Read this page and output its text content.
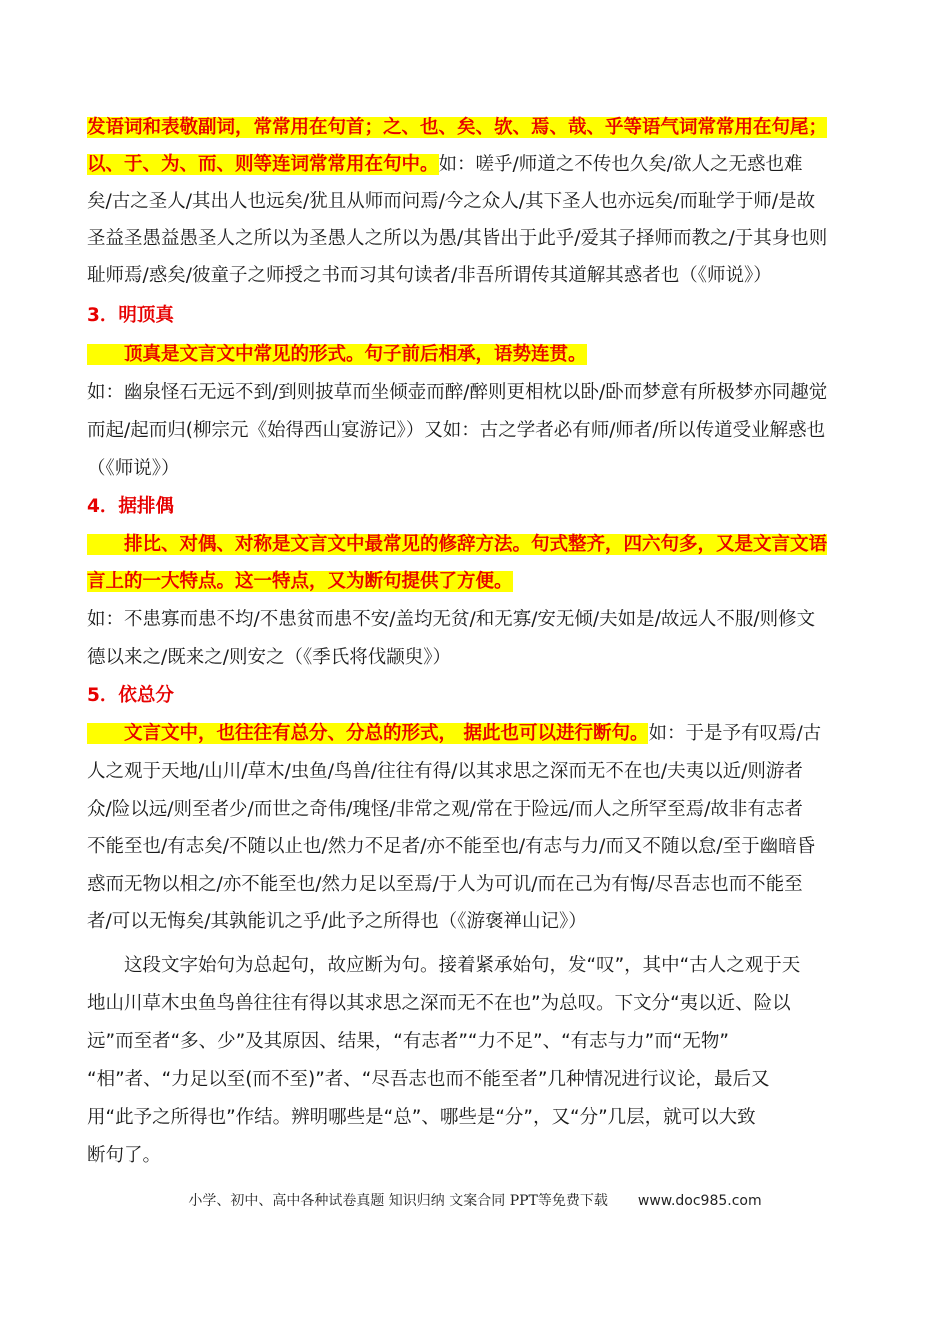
发语词和表敬副词，常常用在句首；之、也、矣、欤、焉、哉、乎等语气词常常用在句尾；
以、于、为、而、则等连词常常用在句中。如：嗟乎/师道之不传也久矣/欲人之无惑也难
矣/古之圣人/其出人也远矣/犹且从师而问焉/今之众人/其下圣人也亦远矣/而耻学于师/是故
圣益圣愚益愚圣人之所以为圣愚人之所以为愚/其皆出于此乎/爱其子择师而教之/于其身也则
耻师焉/惑矣/彼童子之师授之书而习其句读者/非吾所谓传其道解其惑者也（《师说》）
3．明顶真
顶真是文言文中常见的形式。句子前后相承，语势连贯。
如：幽泉怪石无远不到/到则披草而坐倾壶而醉/醉则更相枕以卧/卧而梦意有所极梦亦同趣觉
而起/起而归(柳宗元《始得西山宴游记》）又如：古之学者必有师/师者/所以传道受业解惑也
（《师说》）
4．据排偶
排比、对偶、对称是文言文中最常见的修辞方法。句式整齐，四六句多，又是文言文语
言上的一大特点。这一特点，又为断句提供了方便。
如：不患寡而患不均/不患贫而患不安/盖均无贫/和无寡/安无倾/夫如是/故远人不服/则修文
德以来之/既来之/则安之（《季氏将伐颛臾》）
5．依总分
文言文中，也往往有总分、分总的形式， 据此也可以进行断句。如：于是予有叹焉/古
人之观于天地/山川/草木/虫鱼/鸟兽/往往有得/以其求思之深而无不在也/夫夷以近/则游者
众/险以远/则至者少/而世之奇伟/瑰怪/非常之观/常在于险远/而人之所罕至焉/故非有志者
不能至也/有志矣/不随以止也/然力不足者/亦不能至也/有志与力/而又不随以怠/至于幽暗昏
惑而无物以相之/亦不能至也/然力足以至焉/于人为可讥/而在己为有悔/尽吾志也而不能至
者/可以无悔矣/其孰能讥之乎/此予之所得也（《游褒禅山记》）
这段文字始句为总起句，故应断为句。接着紧承始句，发“叹”，其中“古人之观于天
地山川草木虫鱼鸟兽往往有得以其求思之深而无不在也”为总叹。下文分“夷以近、险以
远”而至者“多、少”及其原因、结果，“有志者”“力不足”、“有志与力”而“无物”
“相”者、“力足以至(而不至)”者、“尽吾志也而不能至者”几种情况进行议论，最后又
用“此予之所得也”作结。辨明哪些是“总”、哪些是“分”，又“分”几层，就可以大致
断句了。
小学、初中、高中各种试卷真题 知识归纳 文案合同 PPT等免费下载 www.doc985.com
